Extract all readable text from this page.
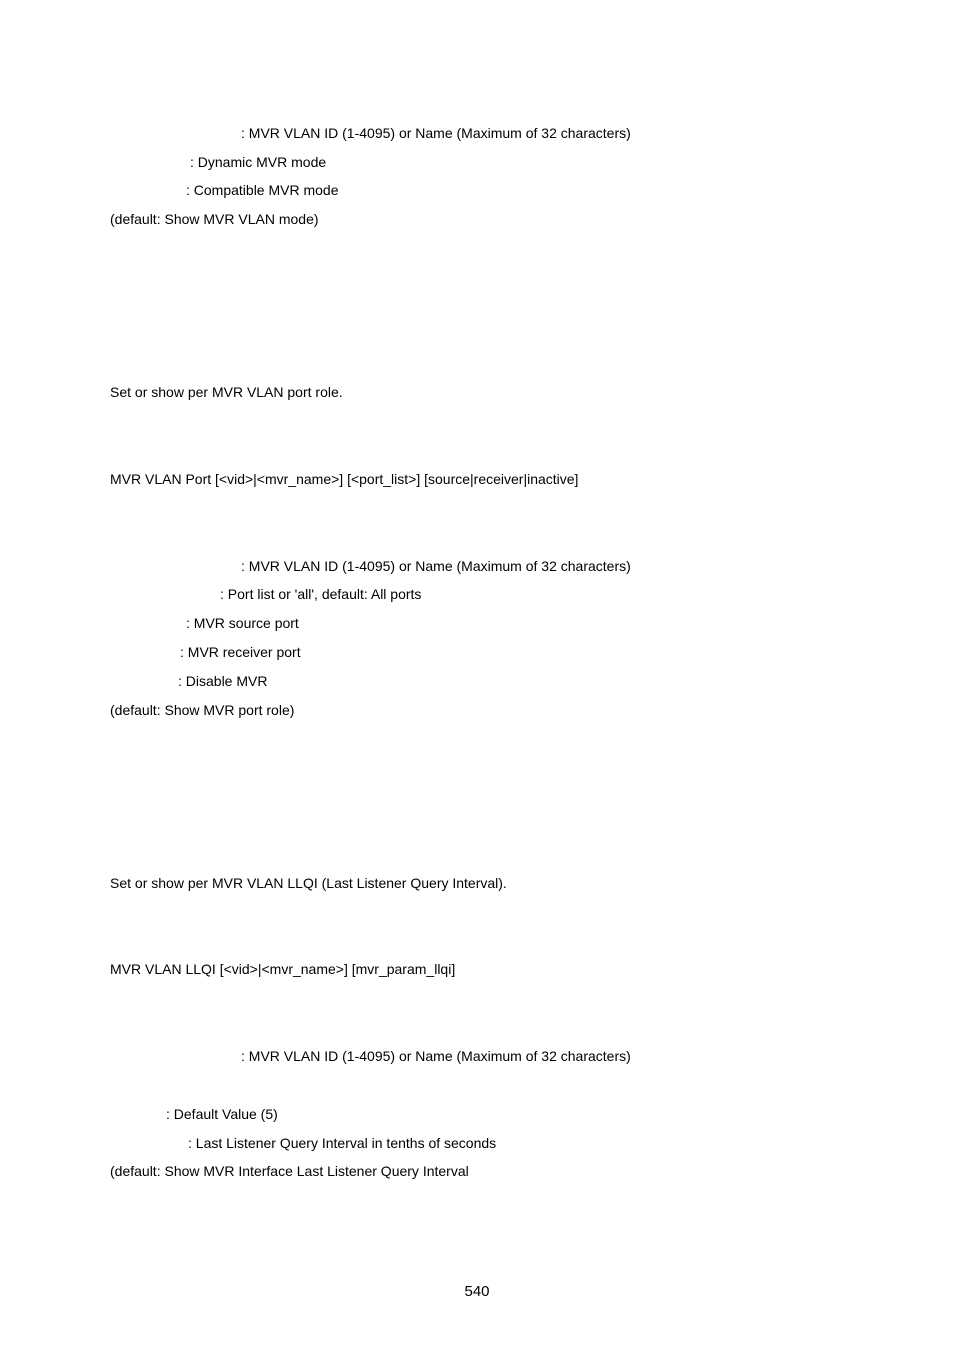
: MVR VLAN ID (1-4095) or Name (Maximum of 32 characters)
: Dynamic MVR mode
: Compatible MVR mode
(default: Show MVR VLAN mode)
Set or show per MVR VLAN port role.
MVR VLAN Port [<vid>|<mvr_name>] [<port_list>] [source|receiver|inactive]
: MVR VLAN ID (1-4095) or Name (Maximum of 32 characters)
: Port list or 'all', default: All ports
: MVR source port
: MVR receiver port
: Disable MVR
(default: Show MVR port role)
Set or show per MVR VLAN LLQI (Last Listener Query Interval).
MVR VLAN LLQI [<vid>|<mvr_name>] [mvr_param_llqi]
: MVR VLAN ID (1-4095) or Name (Maximum of 32 characters)
: Default Value (5)
: Last Listener Query Interval in tenths of seconds
(default: Show MVR Interface Last Listener Query Interval
540
